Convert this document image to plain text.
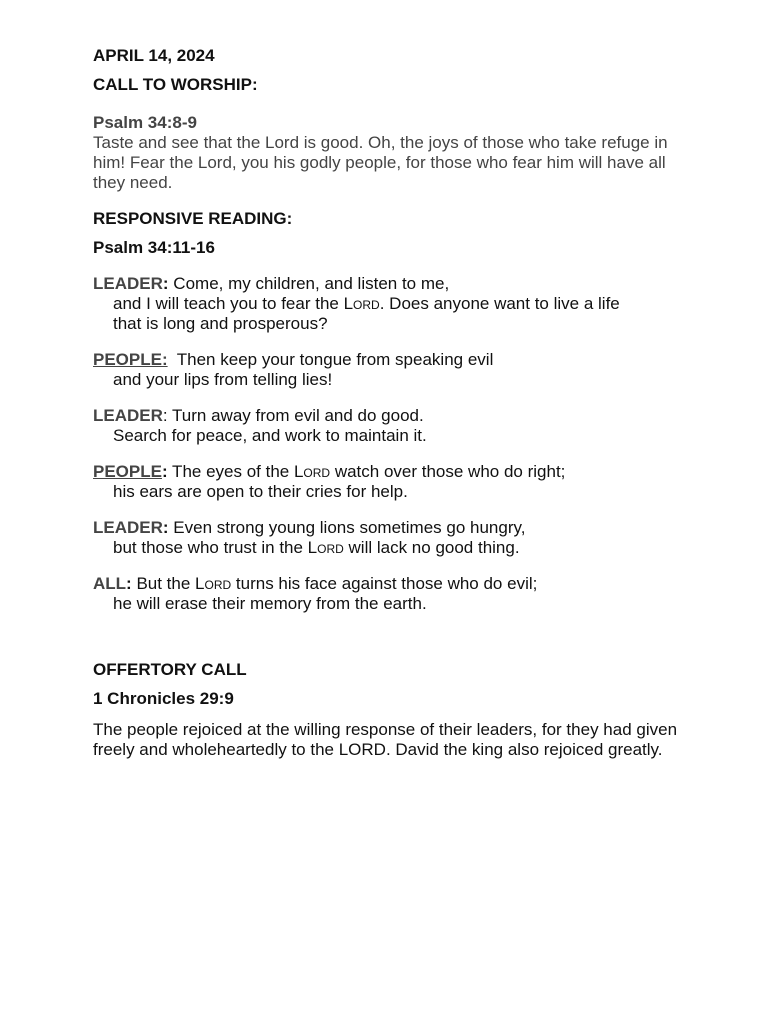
APRIL 14, 2024

CALL TO WORSHIP:

Psalm 34:8-9
Taste and see that the Lord is good. Oh, the joys of those who take refuge in him! Fear the Lord, you his godly people, for those who fear him will have all they need.

RESPONSIVE READING:

Psalm 34:11-16

LEADER: Come, my children, and listen to me,
and I will teach you to fear the Lord. Does anyone want to live a life
that is long and prosperous?
PEOPLE:  Then keep your tongue from speaking evil
and your lips from telling lies!
LEADER: Turn away from evil and do good.
Search for peace, and work to maintain it.
PEOPLE: The eyes of the Lord watch over those who do right;
his ears are open to their cries for help.
LEADER: Even strong young lions sometimes go hungry,
but those who trust in the Lord will lack no good thing.
ALL: But the Lord turns his face against those who do evil;
he will erase their memory from the earth.

OFFERTORY CALL

1 Chronicles 29:9

The people rejoiced at the willing response of their leaders, for they had given freely and wholeheartedly to the LORD. David the king also rejoiced greatly.
